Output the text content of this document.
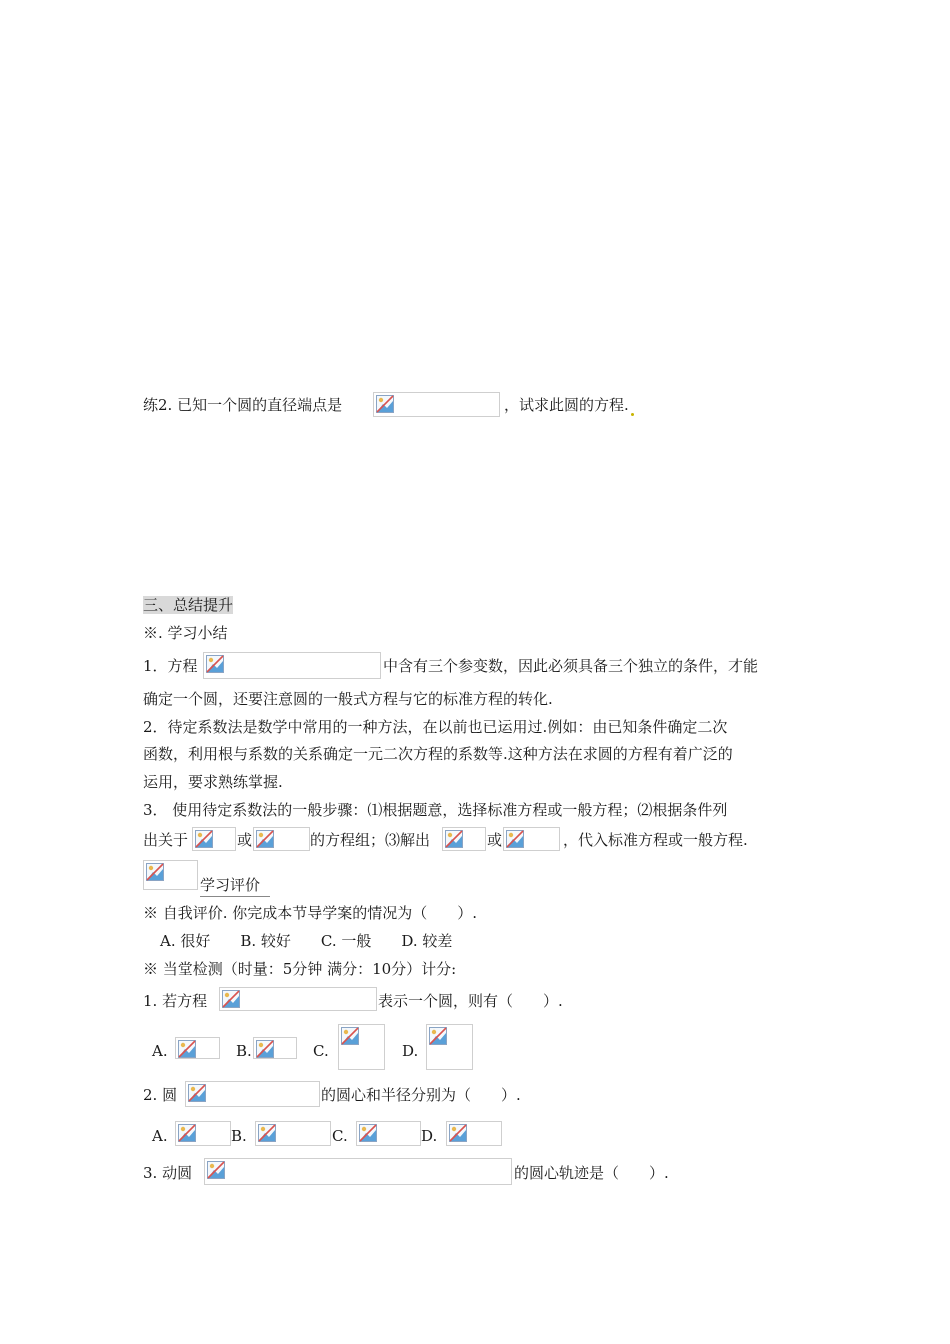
练2. 已知一个圆的直径端点是	，试求此圆的方程.
三、总结提升
※. 学习小结
1．方程	中含有三个参变数，因此必须具备三个独立的条件，才能
确定一个圆，还要注意圆的一般式方程与它的标准方程的转化.
2．待定系数法是数学中常用的一种方法，在以前也已运用过.例如：由已知条件确定二次
函数，利用根与系数的关系确定一元二次方程的系数等.这种方法在求圆的方程有着广泛的
运用，要求熟练掌握.
3． 使用待定系数法的一般步骤：⑴根据题意，选择标准方程或一般方程；⑵根据条件列
出关于	或	的方程组；⑶解出	或	，代入标准方程或一般方程.
学习评价
※ 自我评价. 你完成本节导学案的情况为（　　）.
A. 很好　　B. 较好　　C. 一般　　D. 较差
※ 当堂检测（时量：5分钟 满分：10分）计分:
1. 若方程	表示一个圆，则有（　　）.
A.	B.	C.	D.
2. 圆	的圆心和半径分别为（　　）.
A.	B.	C.	D.
3. 动圆	的圆心轨迹是（　　）.
